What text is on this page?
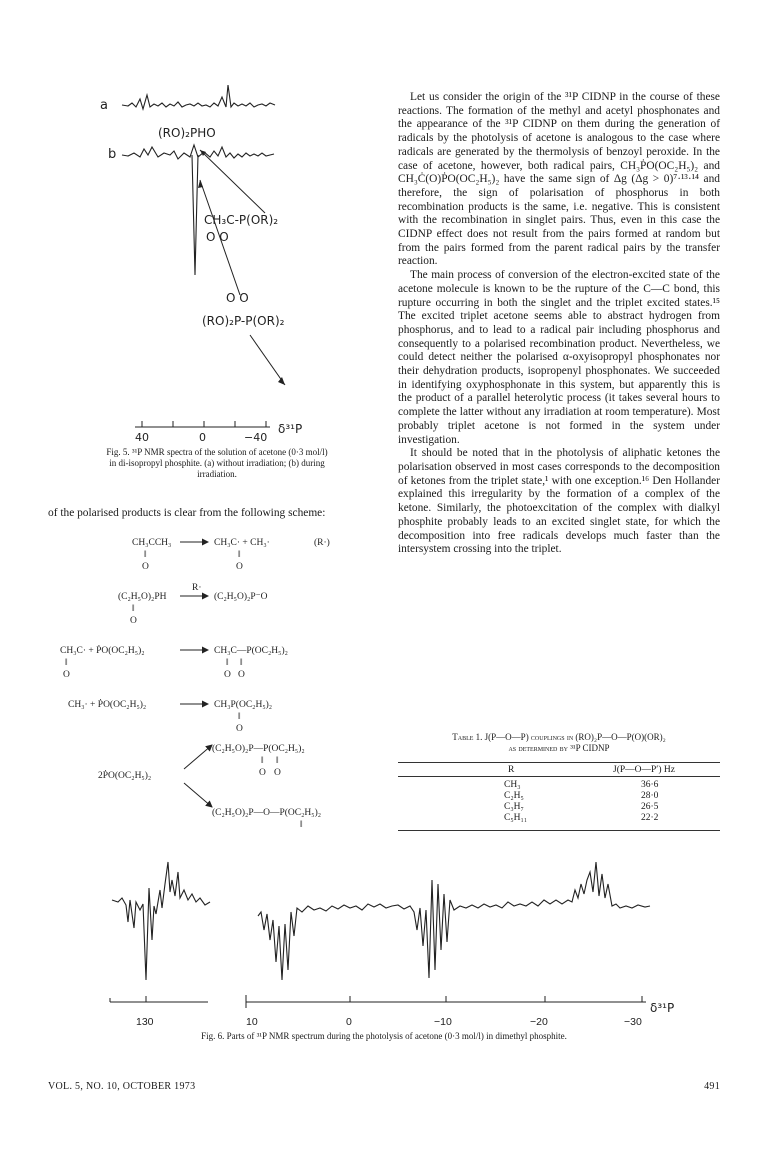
a
b
(RO)₂PHO
CH₃C-P(OR)₂
O O
O O
(RO)₂P-P(OR)₂
40	0	−40
δ³¹P
Fig. 5. ³¹P NMR spectra of the solution of acetone (0·3 mol/l)
in di-isopropyl phosphite. (a) without irradiation; (b) during
irradiation.
of the polarised products is clear from the following scheme:
CH₃CCH₃
‖
O
CH₃C· + CH₃·
‖
O
(R·)
(C₂H₅O)₂PH
‖
O
R·
(C₂H₅O)₂P⁻O
CH₃C· + ṖO(OC₂H₅)₂
‖
O
CH₃C—P(OC₂H₅)₂
‖ ‖
O O
CH₃· + ṖO(OC₂H₅)₂	CH₃P(OC₂H₅)₂
‖
O
(C₂H₅O)₂P—P(OC₂H₅)₂
‖ ‖
O O
2ṖO(OC₂H₅)₂
(C₂H₅O)₂P—O—P(OC₂H₅)₂
‖

Let us consider the origin of the ³¹P CIDNP in the course of these reactions. The formation of the methyl and acetyl phosphonates and the appearance of the ³¹P CIDNP on them during the generation of radicals by the photolysis of acetone is analogous to the case where radicals are generated by the thermolysis of benzoyl peroxide. In the case of acetone, however, both radical pairs, CH₃ṖO(OC₂H₅)₂ and CH₃Ċ(O)ṖO(OC₂H₅)₂ have the same sign of Δg (Δg > 0)⁷·¹³·¹⁴ and therefore, the sign of polarisation of phosphorus in both recombination products is the same, i.e. negative. This is consistent with the recombination in singlet pairs. Thus, even in this case the CIDNP effect does not result from the pairs formed at random but from the pairs formed from the parent radical pairs by the transfer reaction.

The main process of conversion of the electron-excited state of the acetone molecule is known to be the rupture of the C—C bond, this rupture occurring in both the singlet and the triplet excited states.¹⁵ The excited triplet acetone seems able to abstract hydrogen from phosphorus, and to lead to a radical pair including phosphorus and consequently to a polarised recombination product. Nevertheless, we could detect neither the polarised α-oxyisopropyl phosphonates nor their dehydration products, isopropenyl phosphonates. We succeeded in identifying oxyphosphonate in this system, but apparently this is the product of a parallel heterolytic process (it takes several hours to complete the latter without any irradiation at room temperature). Most probably triplet acetone is not formed in the system under investigation.

It should be noted that in the photolysis of aliphatic ketones the polarisation observed in most cases corresponds to the decomposition of ketones from the triplet state,¹ with one exception.¹⁶ Den Hollander explained this irregularity by the formation of a complex of the ketone. Similarly, the photoexcitation of the complex with dialkyl phosphite probably leads to an excited singlet state, for which the decomposition into free radicals develops much faster than the intersystem crossing into the triplet.

Table 1. J(P—O—P) couplings in (RO)₂P—O—P(O)(OR)₂
as determined by ³¹P CIDNP
R	J(P—O—P′) Hz

CH₃	36·6
C₂H₅	28·0
C₃H₇	26·5
C₅H₁₁	22·2
130	10	0	−10	−20	−30
δ³¹P
Fig. 6. Parts of ³¹P NMR spectrum during the photolysis of acetone (0·3 mol/l) in dimethyl phosphite.
VOL. 5, NO. 10, OCTOBER 1973	491
